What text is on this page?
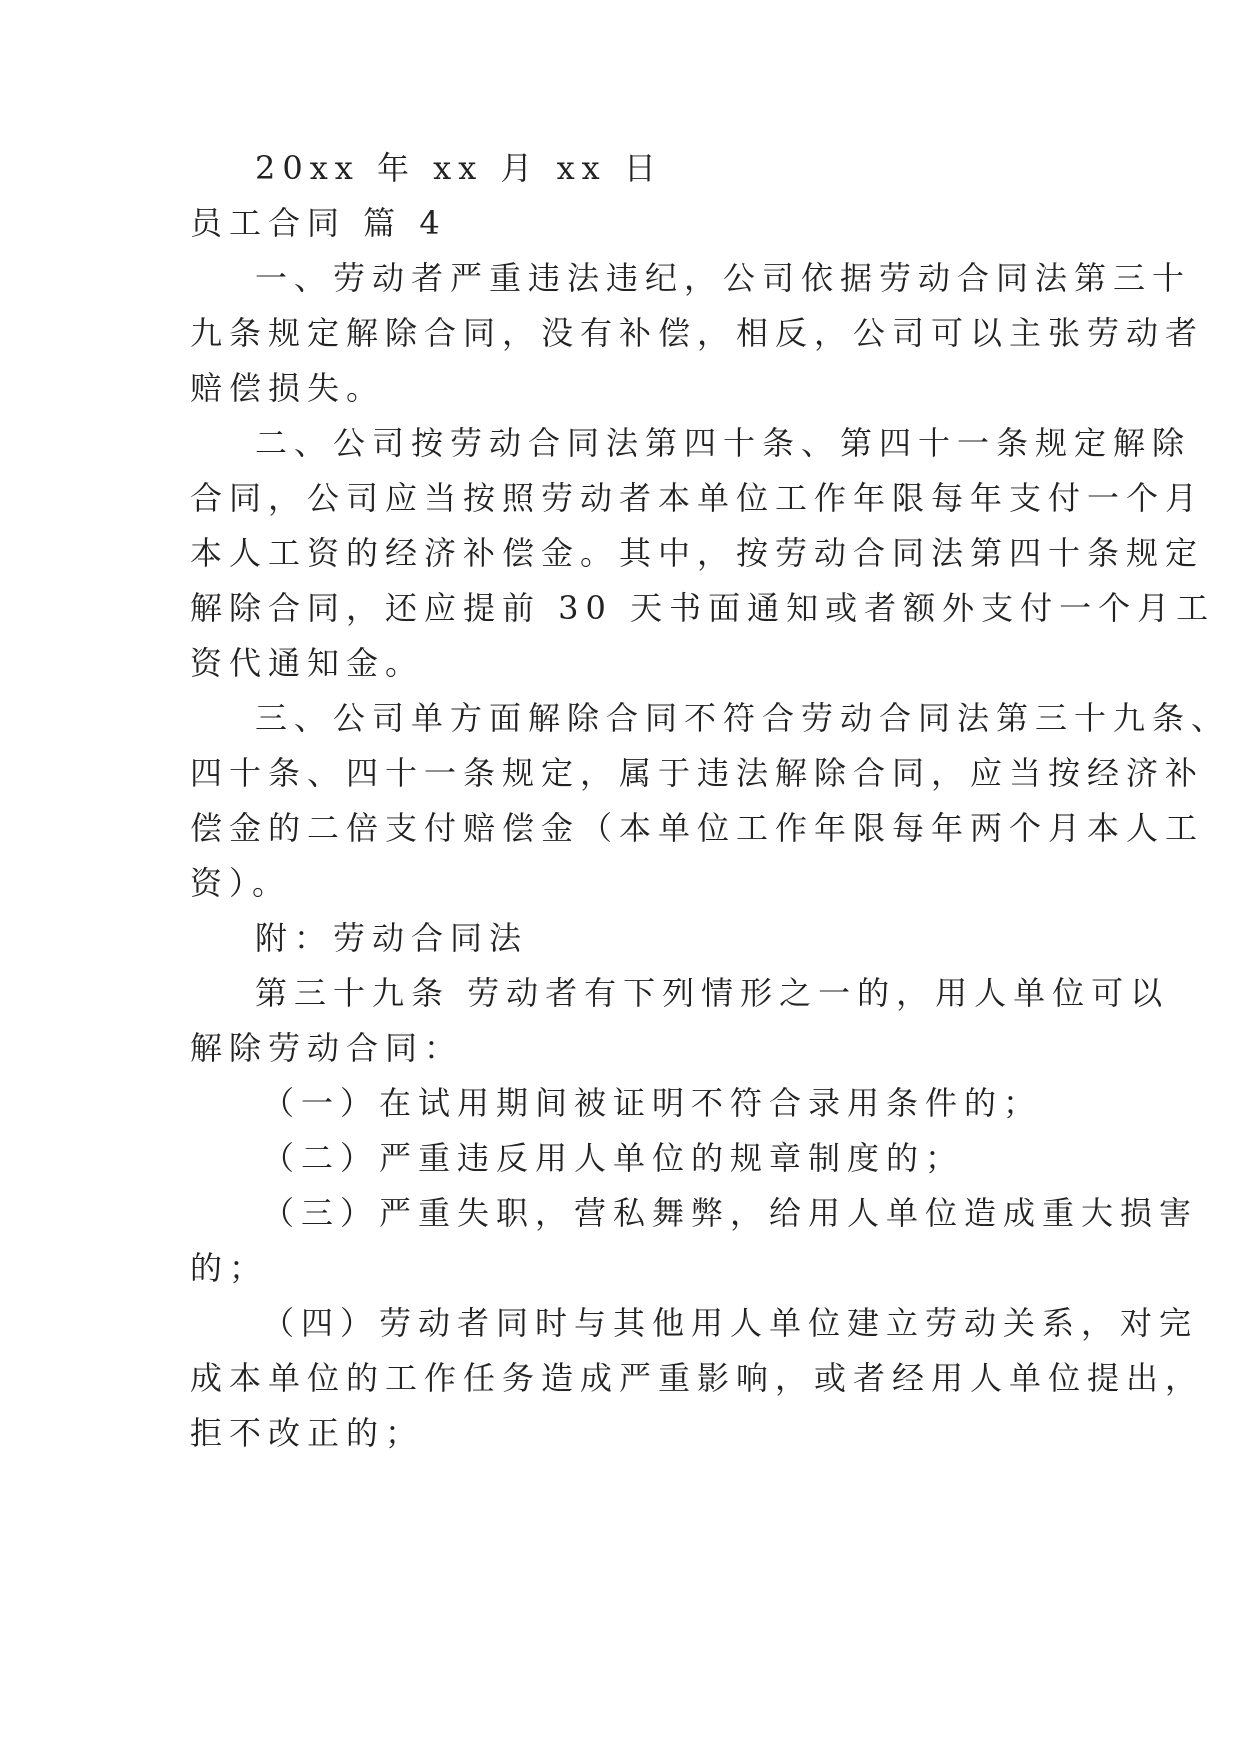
20xx 年 xx 月 xx 日

员工合同 篇 4

一、劳动者严重违法违纪，公司依据劳动合同法第三十

九条规定解除合同，没有补偿，相反，公司可以主张劳动者

赔偿损失。

二、公司按劳动合同法第四十条、第四十一条规定解除

合同，公司应当按照劳动者本单位工作年限每年支付一个月

本人工资的经济补偿金。其中，按劳动合同法第四十条规定

解除合同，还应提前 30 天书面通知或者额外支付一个月工

资代通知金。

三、公司单方面解除合同不符合劳动合同法第三十九条、

四十条、四十一条规定，属于违法解除合同，应当按经济补

偿金的二倍支付赔偿金（本单位工作年限每年两个月本人工

资）。

附：劳动合同法

第三十九条 劳动者有下列情形之一的，用人单位可以

解除劳动合同：

（一）在试用期间被证明不符合录用条件的；

（二）严重违反用人单位的规章制度的；

（三）严重失职，营私舞弊，给用人单位造成重大损害

的；

（四）劳动者同时与其他用人单位建立劳动关系，对完

成本单位的工作任务造成严重影响，或者经用人单位提出，

拒不改正的；
